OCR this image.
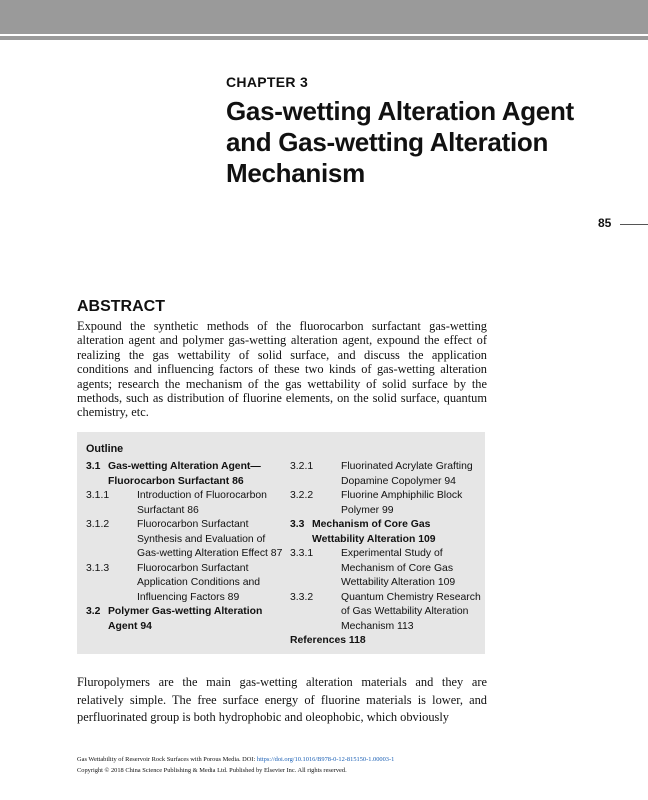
CHAPTER 3
Gas-wetting Alteration Agent
and Gas-wetting Alteration
Mechanism
85
ABSTRACT
Expound the synthetic methods of the fluorocarbon surfactant gas-wetting alteration agent and polymer gas-wetting alteration agent, expound the effect of realizing the gas wettability of solid surface, and discuss the application conditions and influencing factors of these two kinds of gas-wetting alteration agents; research the mechanism of the gas wettability of solid surface by the methods, such as distribution of fluorine elements, on the solid surface, quantum chemistry, etc.
Outline
3.1 Gas-wetting Alteration Agent— Fluorocarbon Surfactant 86
3.1.1	Introduction of Fluorocarbon Surfactant 86
3.1.2	Fluorocarbon Surfactant Synthesis and Evaluation of Gas-wetting Alteration Effect 87
3.1.3	Fluorocarbon Surfactant Application Conditions and Influencing Factors 89
3.2 Polymer Gas-wetting Alteration Agent 94
3.2.1	Fluorinated Acrylate Grafting Dopamine Copolymer 94
3.2.2	Fluorine Amphiphilic Block Polymer 99
3.3 Mechanism of Core Gas Wettability Alteration 109
3.3.1	Experimental Study of Mechanism of Core Gas Wettability Alteration 109
3.3.2	Quantum Chemistry Research of Gas Wettability Alteration Mechanism 113
References 118
Fluropolymers are the main gas-wetting alteration materials and they are relatively simple. The free surface energy of fluorine materials is lower, and perfluorinated group is both hydrophobic and oleophobic, which obviously
Gas Wettability of Reservoir Rock Surfaces with Porous Media. DOI: https://doi.org/10.1016/B978-0-12-815150-1.00003-1
Copyright © 2018 China Science Publishing & Media Ltd. Published by Elsevier Inc. All rights reserved.
